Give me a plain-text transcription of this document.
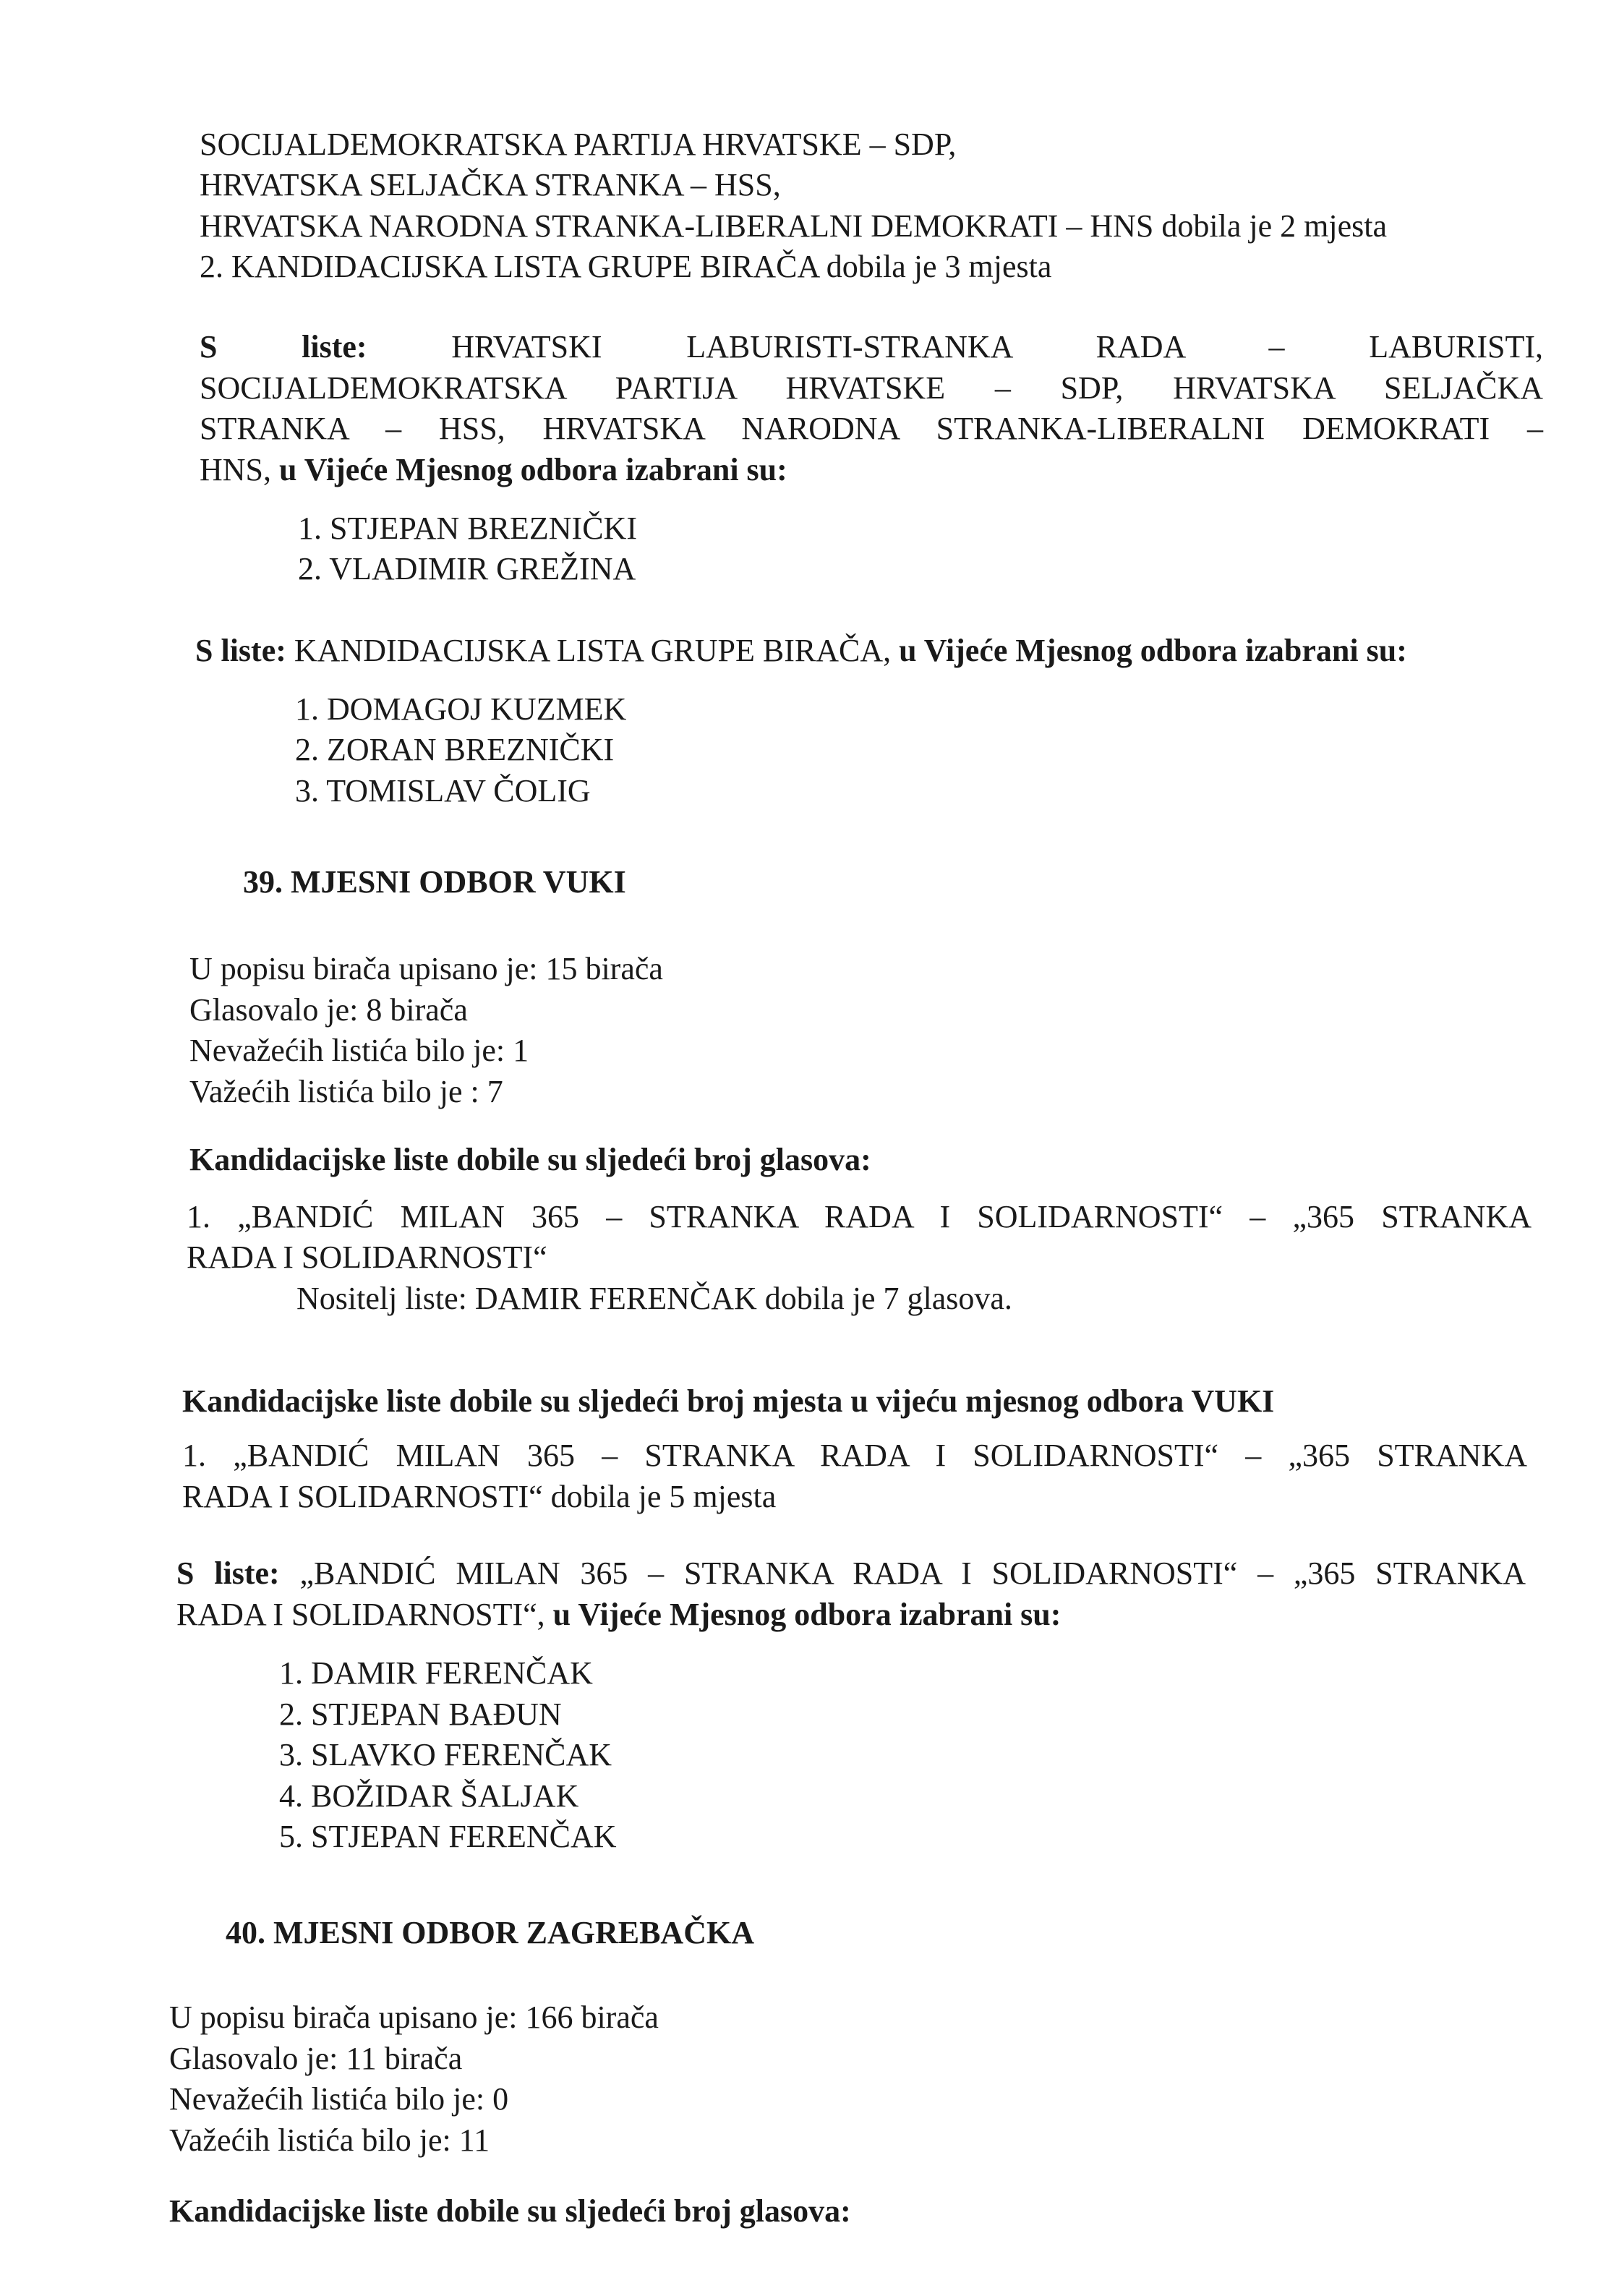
SOCIJALDEMOKRATSKA PARTIJA HRVATSKE – SDP,
HRVATSKA SELJAČKA STRANKA – HSS,
HRVATSKA NARODNA STRANKA-LIBERALNI DEMOKRATI – HNS dobila je 2 mjesta
2. KANDIDACIJSKA LISTA GRUPE BIRAČA dobila je 3 mjesta
S liste:	HRVATSKI LABURISTI-STRANKA RADA – LABURISTI,
SOCIJALDEMOKRATSKA PARTIJA HRVATSKE – SDP, HRVATSKA SELJAČKA
STRANKA – HSS, HRVATSKA NARODNA STRANKA-LIBERALNI DEMOKRATI –
HNS, u Vijeće Mjesnog odbora izabrani su:
1. STJEPAN BREZNIČKI
2. VLADIMIR GREŽINA
S liste: KANDIDACIJSKA LISTA GRUPE BIRAČA, u Vijeće Mjesnog odbora izabrani su:
1. DOMAGOJ KUZMEK
2. ZORAN BREZNIČKI
3. TOMISLAV ČOLIG
39. MJESNI ODBOR VUKI
U popisu birača upisano je: 15 birača
Glasovalo je: 8 birača
Nevažećih listića bilo je: 1
Važećih listića bilo je : 7
Kandidacijske liste dobile su sljedeći broj glasova:
1. „BANDIĆ MILAN 365 – STRANKA RADA I SOLIDARNOSTI“ – „365 STRANKA
RADA I SOLIDARNOSTI“
Nositelj liste: DAMIR FERENČAK dobila je 7 glasova.
Kandidacijske liste dobile su sljedeći broj mjesta u vijeću mjesnog odbora VUKI
1. „BANDIĆ MILAN 365 – STRANKA RADA I SOLIDARNOSTI“ – „365 STRANKA
RADA I SOLIDARNOSTI“ dobila je 5 mjesta
S liste: „BANDIĆ MILAN 365 – STRANKA RADA I SOLIDARNOSTI“ – „365 STRANKA
RADA I SOLIDARNOSTI“, u Vijeće Mjesnog odbora izabrani su:
1. DAMIR FERENČAK
2. STJEPAN BAĐUN
3. SLAVKO FERENČAK
4. BOŽIDAR ŠALJAK
5. STJEPAN FERENČAK
40. MJESNI ODBOR ZAGREBAČKA
U popisu birača upisano je: 166 birača
Glasovalo je: 11 birača
Nevažećih listića bilo je: 0
Važećih listića bilo je: 11
Kandidacijske liste dobile su sljedeći broj glasova:
